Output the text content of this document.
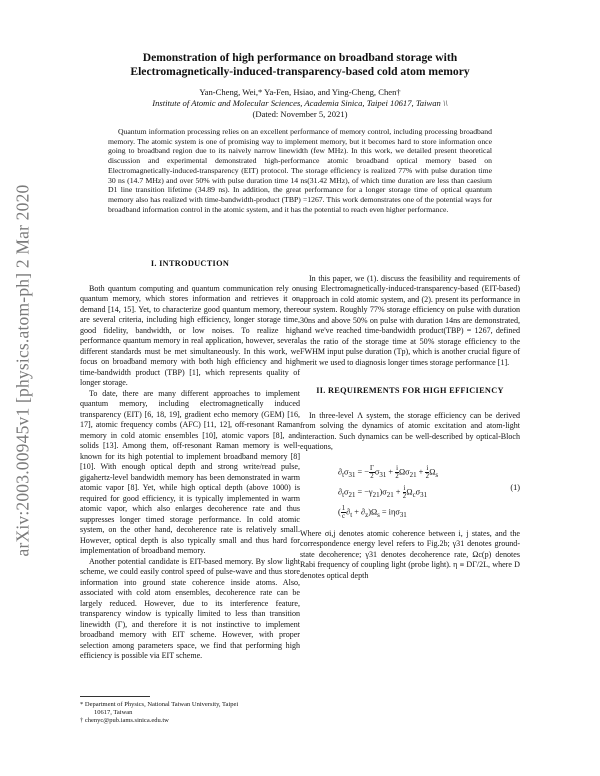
arXiv:2003.00945v1 [physics.atom-ph] 2 Mar 2020
Demonstration of high performance on broadband storage with
Electromagnetically-induced-transparency-based cold atom memory
Yan-Cheng, Wei,* Ya-Fen, Hsiao, and Ying-Cheng, Chen†
Institute of Atomic and Molecular Sciences, Academia Sinica, Taipei 10617, Taiwan \\
(Dated: November 5, 2021)

Quantum information processing relies on an excellent performance of memory control, including processing broadband memory. The atomic system is one of promising way to implement memory, but it becomes hard to store information once going to broadband region due to its naively narrow linewidth (few MHz). In this work, we detailed present theoretical discussion and experimental demonstrated high-performance atomic broadband optical memory based on Electromagnetically-induced-transparency (EIT) protocol. The storage efficiency is realized 77% with pulse duration time 30 ns (14.7 MHz) and over 50% with pulse duration time 14 ns(31.42 MHz), of which time duration are less than caesium D1 line transition lifetime (34.89 ns). In addition, the great performance for a longer storage time of optical quantum memory also has realized with time-bandwidth-product (TBP) =1267. This work demonstrates one of the potential ways for broadband information control in the atomic system, and it has the potential to reach even higher performance.

I. INTRODUCTION

Both quantum computing and quantum communication rely on quantum memory, which stores information and retrieves it on demand [14, 15]. Yet, to characterize good quantum memory, there are several criteria, including high efficiency, longer storage time, good fidelity, bandwidth, or low noises. To realize high performance quantum memory in real application, however, several different standards must be met simultaneously. In this work, we focus on broadband memory with both high efficiency and high time-bandwidth product (TBP) [1], which represents quality of longer storage.

To date, there are many different approaches to implement quantum memory, including electromagnetically induced transparency (EIT) [6, 18, 19], gradient echo memory (GEM) [16, 17], atomic frequency combs (AFC) [11, 12], off-resonant Raman memory in cold atomic ensembles [10], atomic vapors [8], and solids [13]. Among them, off-resonant Raman memory is well-known for its high potential to implement broadband memory [8] [10]. With enough optical depth and strong write/read pulse, gigahertz-level bandwidth memory has been demonstrated in warm atomic vapor [8]. Yet, while high optical depth (above 1000) is required for good efficiency, it is typically implemented in warm atomic vapor, which also enlarges decoherence rate and thus suppresses longer timed storage performance. In cold atomic system, on the other hand, decoherence rate is relatively small. However, optical depth is also typically small and thus hard for implementation of broadband memory.

Another potential candidate is EIT-based memory. By slow light scheme, we could easily control speed of pulse-wave and thus store information into ground state coherence inside atoms. Also, associated with cold atom ensembles, decoherence rate can be largely reduced. However, due to its interference feature, transparency window is typically limited to less than transition linewidth (Γ), and therefore it is not instinctive to implement broadband memory with EIT scheme. However, with proper selection among parameters space, we find that performing high efficiency is possible via EIT scheme.

In this paper, we (1). discuss the feasibility and requirements of using Electromagnetically-induced-transparency-based (EIT-based) approach in cold atomic system, and (2). present its performance in our system. Roughly 77% storage efficiency on pulse with duration 30ns and above 50% on pulse with duration 14ns are demonstrated, and we've reached time-bandwidth product(TBP) = 1267, defined as the ratio of the storage time at 50% storage efficiency to the FWHM input pulse duration (Tp), which is another crucial figure of merit we used to diagnosis longer times storage performance [1].

II. REQUIREMENTS FOR HIGH EFFICIENCY

In three-level Λ system, the storage efficiency can be derived from solving the dynamics of atomic excitation and atom-light interaction. Such dynamics can be well-described by optical-Bloch equations,

$\partial_t\sigma_{31}$ = − $\frac{\Gamma}{2} \sigma_{31} + \frac{i}{2} \Omega\sigma_{21} + \frac{i}{2} \Omega_s$
$\partial_t\sigma_{21} = -\gamma_{21})\sigma_{21} + \frac{i}{2} \Omega_c\sigma_{31}$
( $\frac{1}{c} \partial_t + \partial_z)\Omega_s = i\eta\sigma_{31}$
(1)

Where σi,j denotes atomic coherence between i, j states, and the correspondence energy level refers to Fig.2b; γ31 denotes ground-state decoherence; γ31 denotes decoherence rate, Ωc(p) denotes Rabi frequency of coupling light (probe light). η ≡ DΓ/2L, where D denotes optical depth

* Department of Physics, National Taiwan University, Taipei

10617, Taiwan

† chenyc@pub.iams.sinica.edu.tw
